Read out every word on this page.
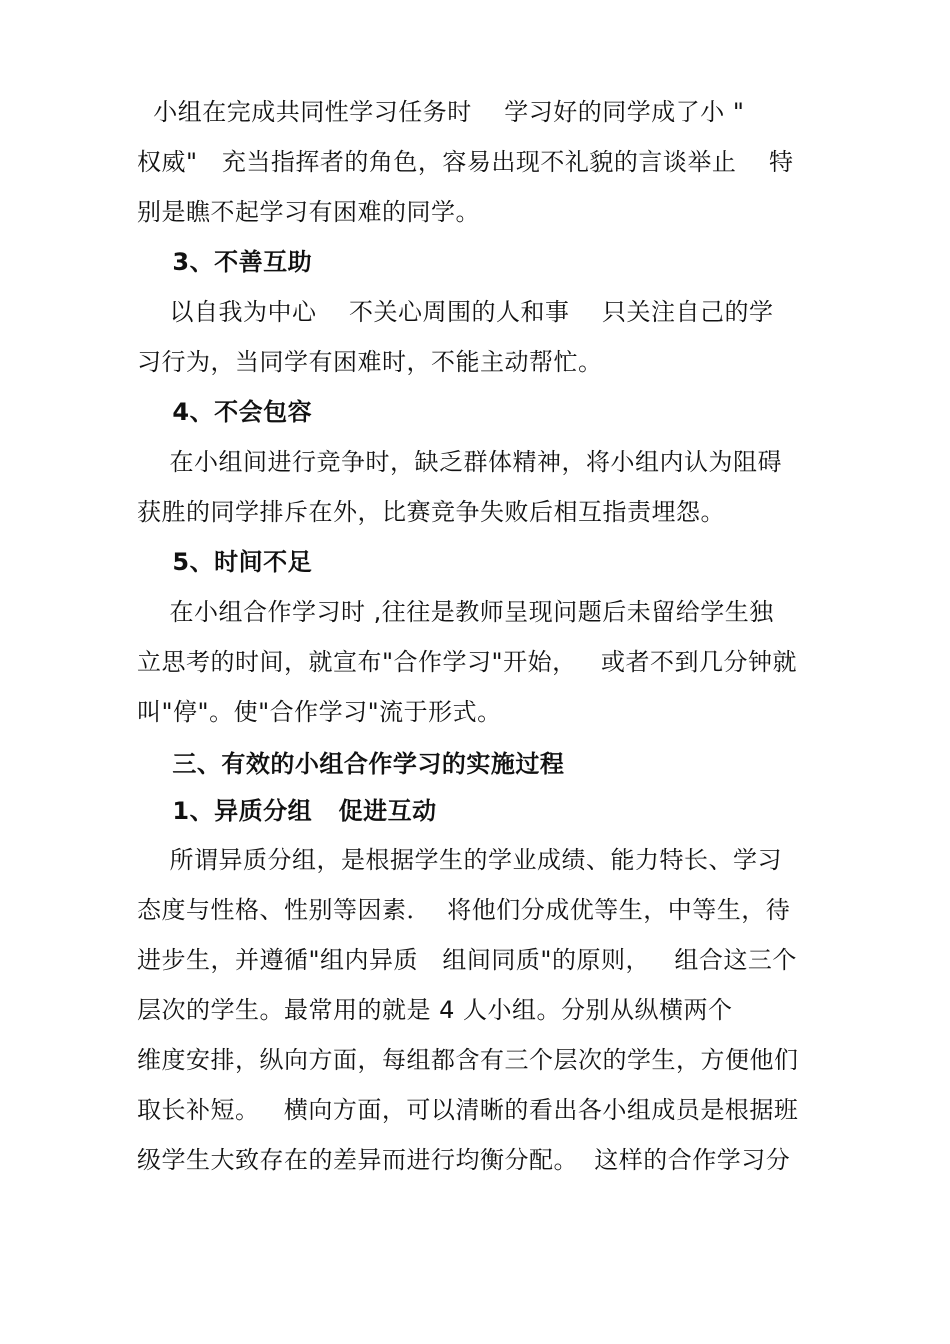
小组在完成共同性学习任务时    学习好的同学成了小 "
权威"   充当指挥者的角色，容易出现不礼貌的言谈举止    特
别是瞧不起学习有困难的同学。
3、不善互助
以自我为中心    不关心周围的人和事    只关注自己的学
习行为，当同学有困难时，不能主动帮忙。
4、不会包容
在小组间进行竞争时，缺乏群体精神，将小组内认为阻碍
获胜的同学排斥在外，比赛竞争失败后相互指责埋怨。
5、时间不足
在小组合作学习时 ,往往是教师呈现问题后未留给学生独
立思考的时间，就宣布"合作学习"开始，   或者不到几分钟就
叫"停"。使"合作学习"流于形式。
三、有效的小组合作学习的实施过程
1、异质分组   促进互动
所谓异质分组，是根据学生的学业成绩、能力特长、学习
态度与性格、性别等因素．  将他们分成优等生，中等生，待
进步生，并遵循"组内异质   组间同质"的原则，   组合这三个
层次的学生。最常用的就是 4 人小组。分别从纵横两个
维度安排，纵向方面，每组都含有三个层次的学生，方便他们
取长补短。   横向方面，可以清晰的看出各小组成员是根据班
级学生大致存在的差异而进行均衡分配。  这样的合作学习分
